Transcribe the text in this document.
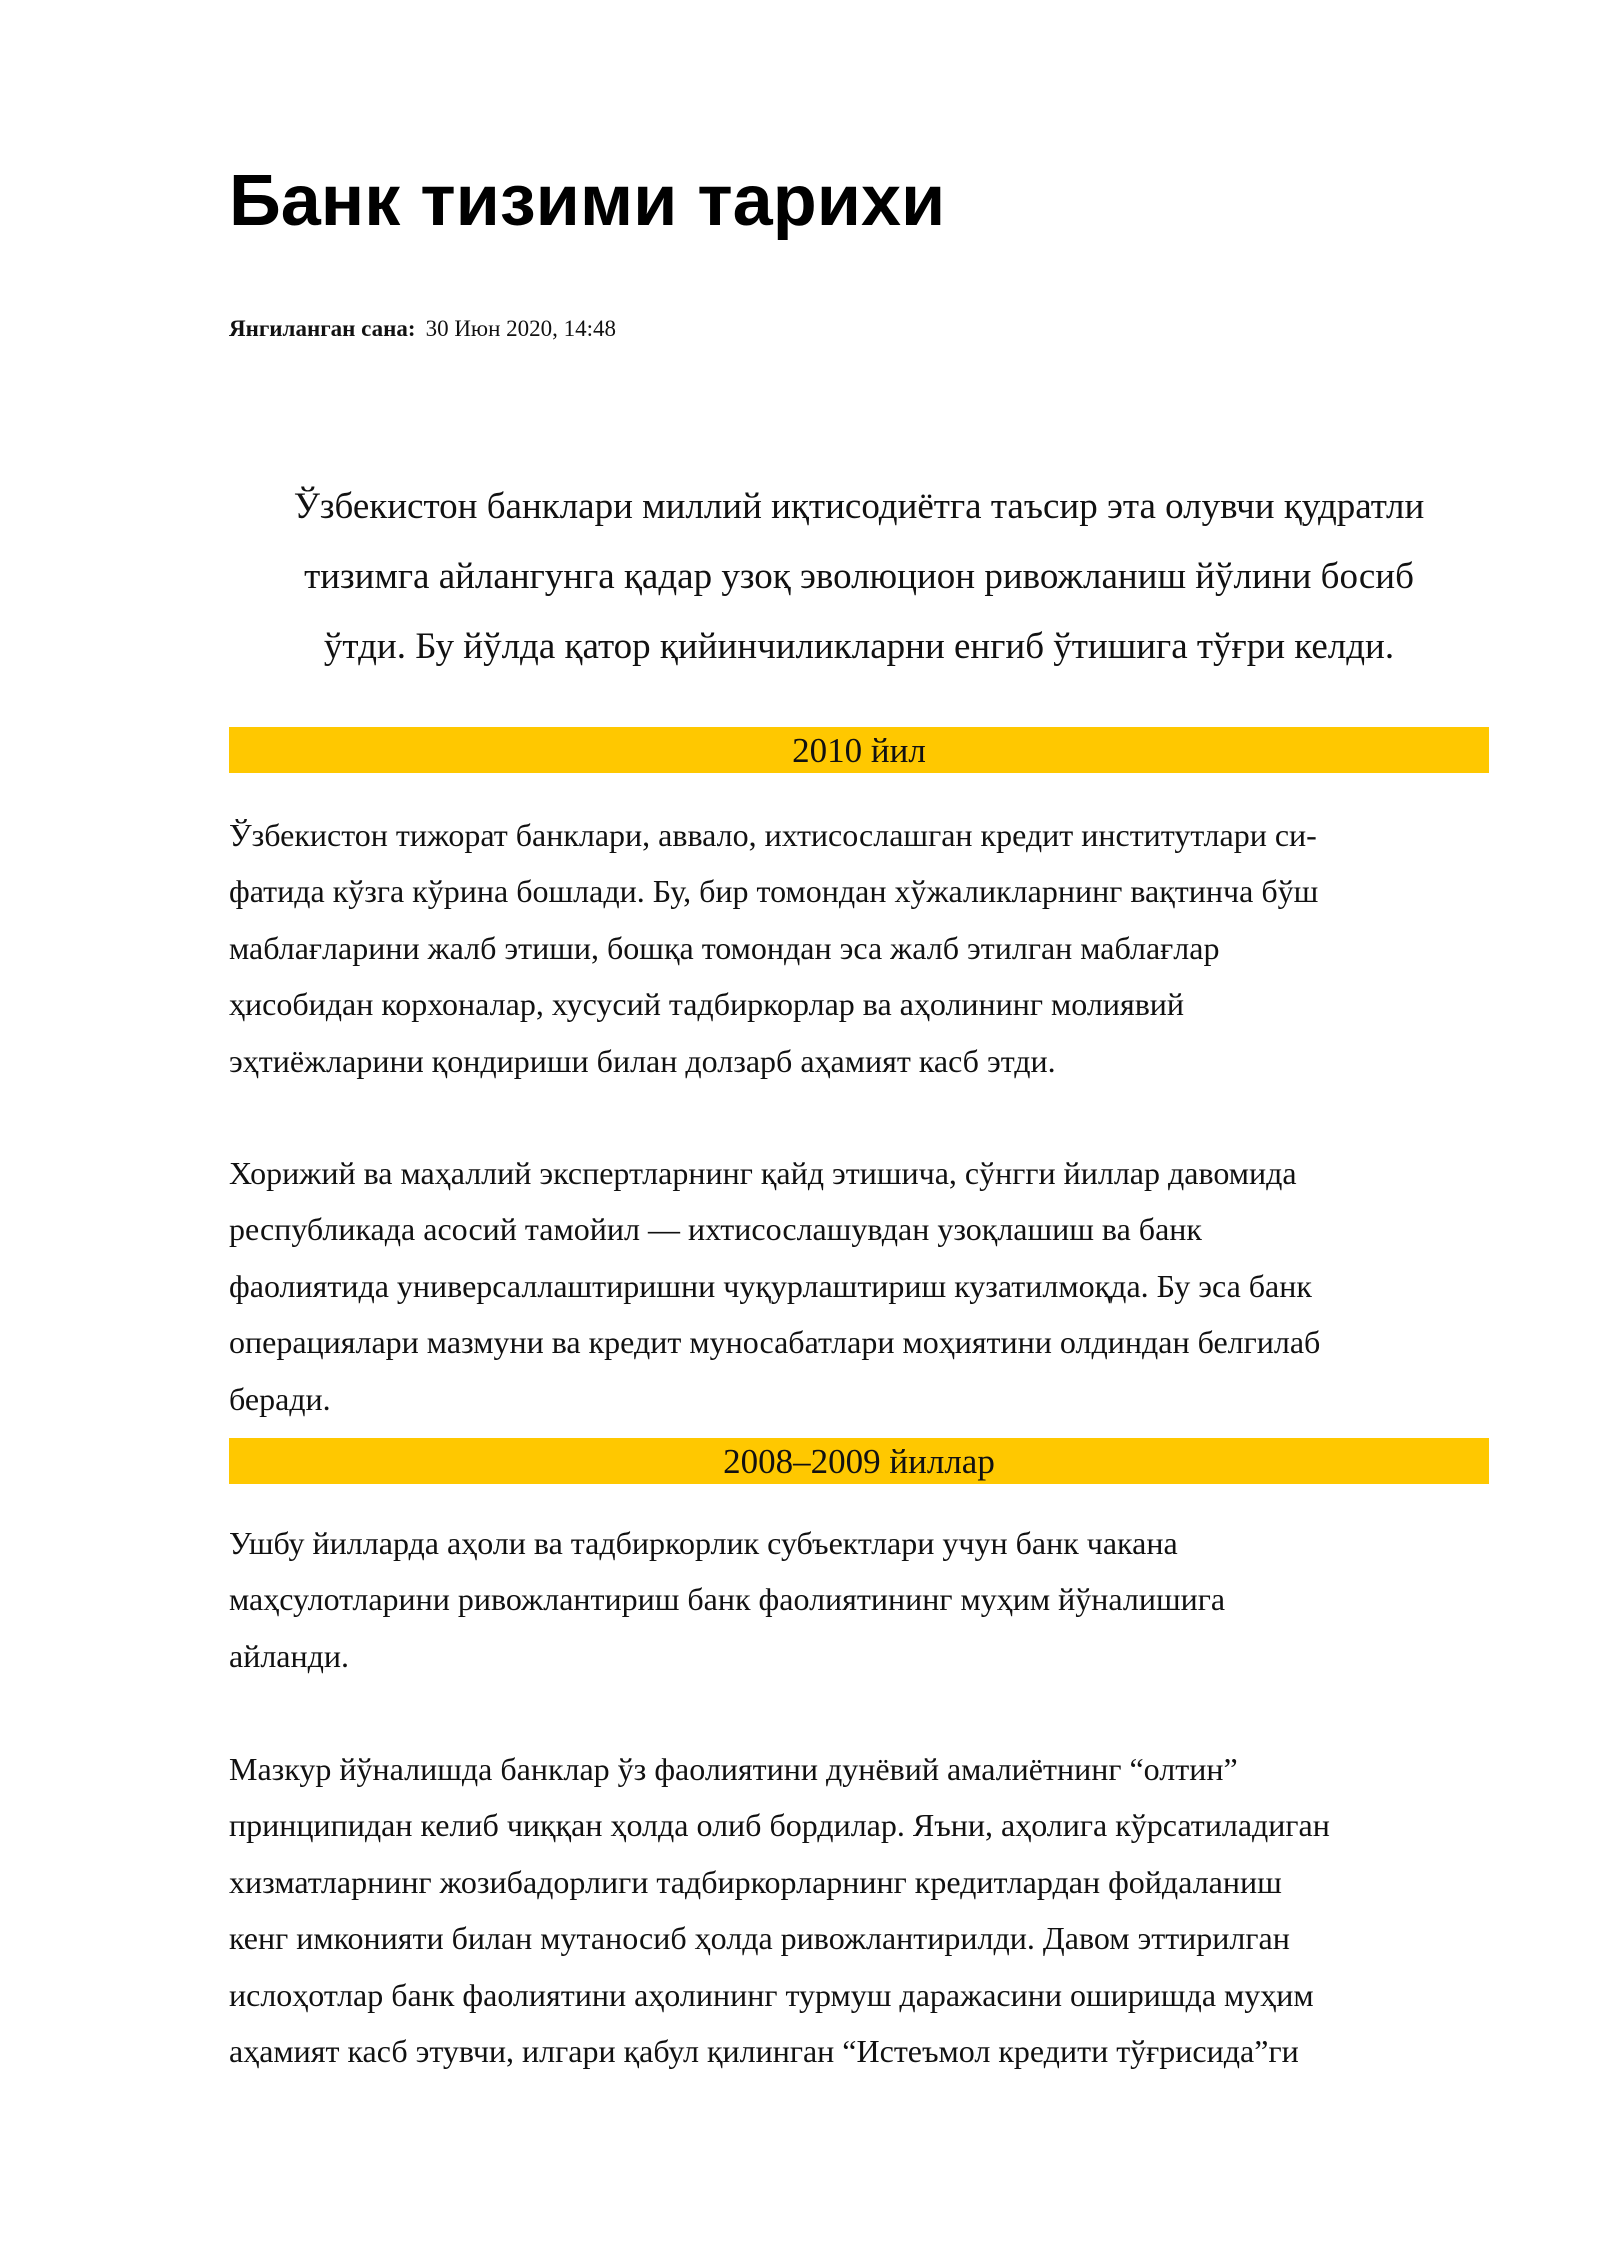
Банк тизими тарихи
Янгиланган сана: 30 Июн 2020, 14:48

Ўзбекистон банклари миллий иқтисодиётга таъсир эта олувчи қудратли
тизимга айлангунга қадар узоқ эволюцион ривожланиш йўлини босиб
ўтди. Бу йўлда қатор қийинчиликларни енгиб ўтишига тўғри келди.

2010 йил

Ўзбекистон тижорат банклари, аввало, ихтисослашган кредит институтлари си-
фатида кўзга кўрина бошлади. Бу, бир томондан хўжаликларнинг вақтинча бўш
маблағларини жалб этиши, бошқа томондан эса жалб этилган маблағлар
ҳисобидан корхоналар, хусусий тадбиркорлар ва аҳолининг молиявий
эҳтиёжларини қондириши билан долзарб аҳамият касб этди.

Хорижий ва маҳаллий экспертларнинг қайд этишича, сўнгги йиллар давомида
республикада асосий тамойил — ихтисослашувдан узоқлашиш ва банк
фаолиятида универсаллаштиришни чуқурлаштириш кузатилмоқда. Бу эса банк
операциялари мазмуни ва кредит муносабатлари моҳиятини олдиндан белгилаб
беради.

2008–2009 йиллар

Ушбу йилларда аҳоли ва тадбиркорлик субъектлари учун банк чакана
маҳсулотларини ривожлантириш банк фаолиятининг муҳим йўналишига
айланди.

Мазкур йўналишда банклар ўз фаолиятини дунёвий амалиётнинг “олтин”
принципидан келиб чиққан ҳолда олиб бордилар. Яъни, аҳолига кўрсатиладиган
хизматларнинг жозибадорлиги тадбиркорларнинг кредитлардан фойдаланиш
кенг имконияти билан мутаносиб ҳолда ривожлантирилди. Давом эттирилган
ислоҳотлар банк фаолиятини аҳолининг турмуш даражасини оширишда муҳим
аҳамият касб этувчи, илгари қабул қилинган “Истеъмол кредити тўғрисида”ги
